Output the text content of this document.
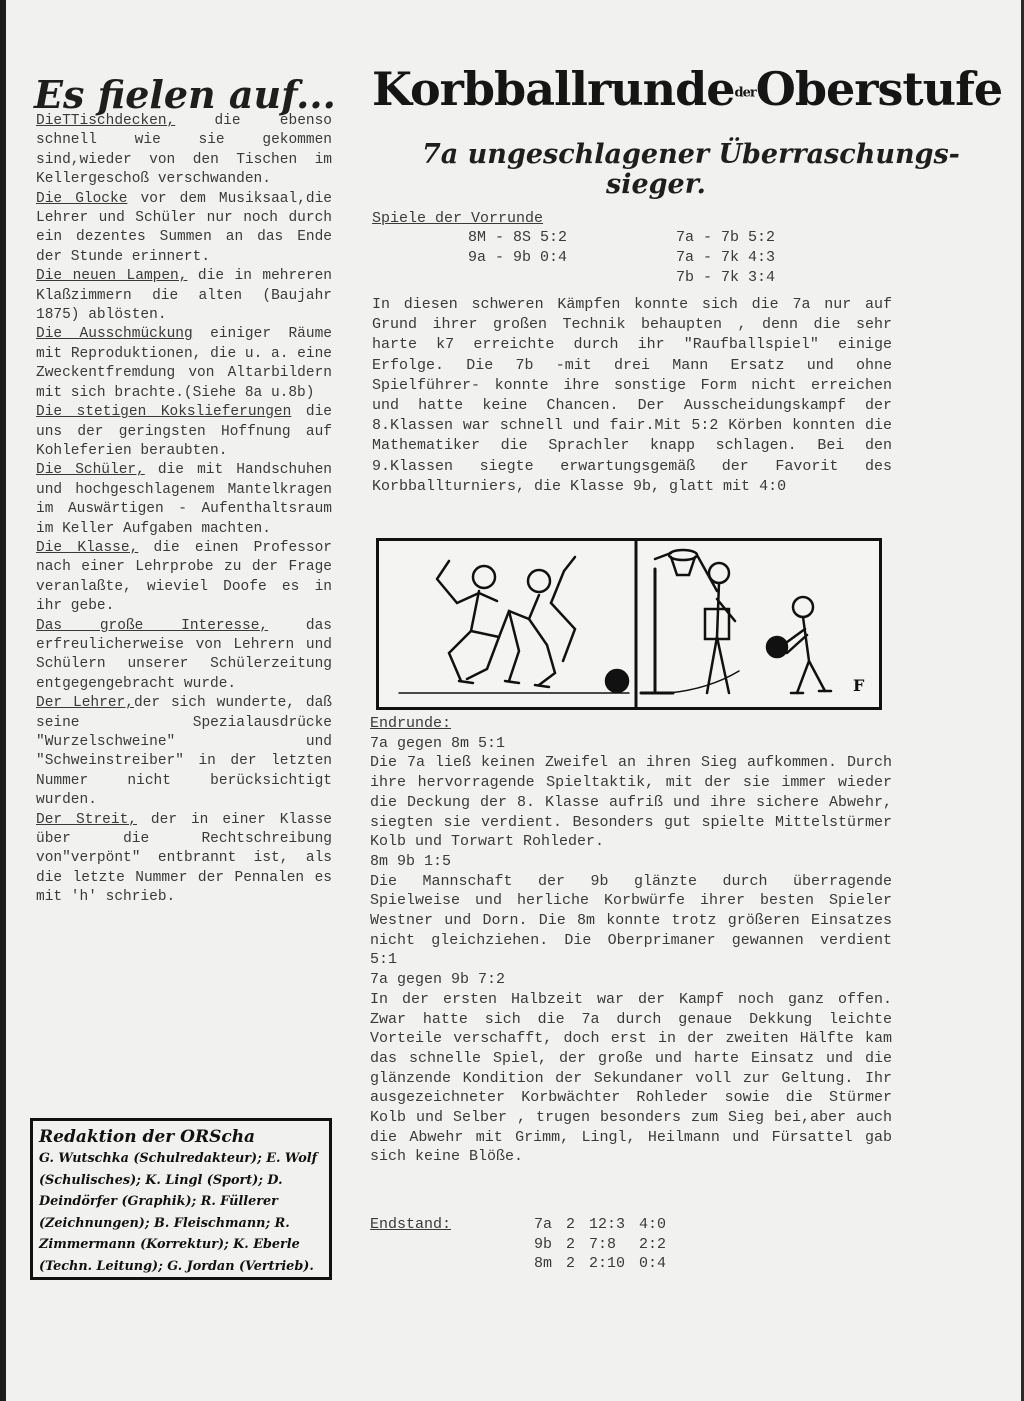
Es fielen auf...

DieTTischdecken, die ebenso schnell wie sie gekommen sind,wieder von den Tischen im Kellergeschoß verschwanden.

Die Glocke vor dem Musiksaal,die Lehrer und Schüler nur noch durch ein dezentes Summen an das Ende der Stunde erinnert.

Die neuen Lampen, die in mehreren Klaßzimmern die alten (Baujahr 1875) ablösten.

Die Ausschmückung einiger Räume mit Reproduktionen, die u. a. eine Zweckentfremdung von Altarbildern mit sich brachte.(Siehe 8a u.8b)

Die stetigen Kokslieferungen die uns der geringsten Hoffnung auf Kohleferien beraubten.

Die Schüler, die mit Handschuhen und hochgeschlagenem Mantelkragen im Auswärtigen - Aufenthaltsraum im Keller Aufgaben machten.

Die Klasse, die einen Professor nach einer Lehrprobe zu der Frage veranlaßte, wieviel Doofe es in ihr gebe.

Das große Interesse, das erfreulicherweise von Lehrern und Schülern unserer Schülerzeitung entgegengebracht wurde.

Der Lehrer,der sich wunderte, daß seine Spezialausdrücke "Wurzelschweine" und "Schweinstreiber" in der letzten Nummer nicht berücksichtigt wurden.

Der Streit, der in einer Klasse über die Rechtschreibung von"verpönt" entbrannt ist, als die letzte Nummer der Pennalen es mit 'h' schrieb.

Redaktion der ORScha
G. Wutschka (Schulredakteur); E. Wolf (Schulisches); K. Lingl (Sport); D. Deindörfer (Graphik); R. Füllerer (Zeichnungen); B. Fleischmann; R. Zimmermann (Korrektur); K. Eberle (Techn. Leitung); G. Jordan (Vertrieb).
KorbballrundederOberstufe
7a ungeschlagener Überraschungs-
sieger.

Spiele der Vorrunde

8M - 8S 5:2
9a - 9b 0:4
7a - 7b 5:2
7a - 7k 4:3
7b - 7k 3:4

In diesen schweren Kämpfen konnte sich die 7a nur auf Grund ihrer großen Technik behaupten , denn die sehr harte k7 erreichte durch ihr "Raufballspiel" einige Erfolge. Die 7b -mit drei Mann Ersatz und ohne Spielführer- konnte ihre sonstige Form nicht erreichen und hatte keine Chancen. Der Ausscheidungskampf der 8.Klassen war schnell und fair.Mit 5:2 Körben konnten die Mathematiker die Sprachler knapp schlagen. Bei den 9.Klassen siegte erwartungsgemäß der Favorit des Korbballturniers, die Klasse 9b, glatt mit 4:0

F

Endrunde:

7a gegen 8m 5:1

Die 7a ließ keinen Zweifel an ihren Sieg aufkommen. Durch ihre hervorragende Spieltaktik, mit der sie immer wieder die Deckung der 8. Klasse aufriß und ihre sichere Abwehr, siegten sie verdient. Besonders gut spielte Mittelstürmer Kolb und Torwart Rohleder.

8m 9b 1:5

Die Mannschaft der 9b glänzte durch überragende Spielweise und herliche Korbwürfe ihrer besten Spieler Westner und Dorn. Die 8m konnte trotz größeren Einsatzes nicht gleichziehen. Die Oberprimaner gewannen verdient 5:1

7a gegen 9b 7:2

In der ersten Halbzeit war der Kampf noch ganz offen. Zwar hatte sich die 7a durch genaue Dekkung leichte Vorteile verschafft, doch erst in der zweiten Hälfte kam das schnelle Spiel, der große und harte Einsatz und die glänzende Kondition der Sekundaner voll zur Geltung. Ihr ausgezeichneter Korbwächter Rohleder sowie die Stürmer Kolb und Selber , trugen besonders zum Sieg bei,aber auch die Abwehr mit Grimm, Lingl, Heilmann und Fürsattel gab sich keine Blöße.

Endstand:	7a	2	12:3	4:0
	9b	2	7:8	2:2
	8m	2	2:10	0:4
